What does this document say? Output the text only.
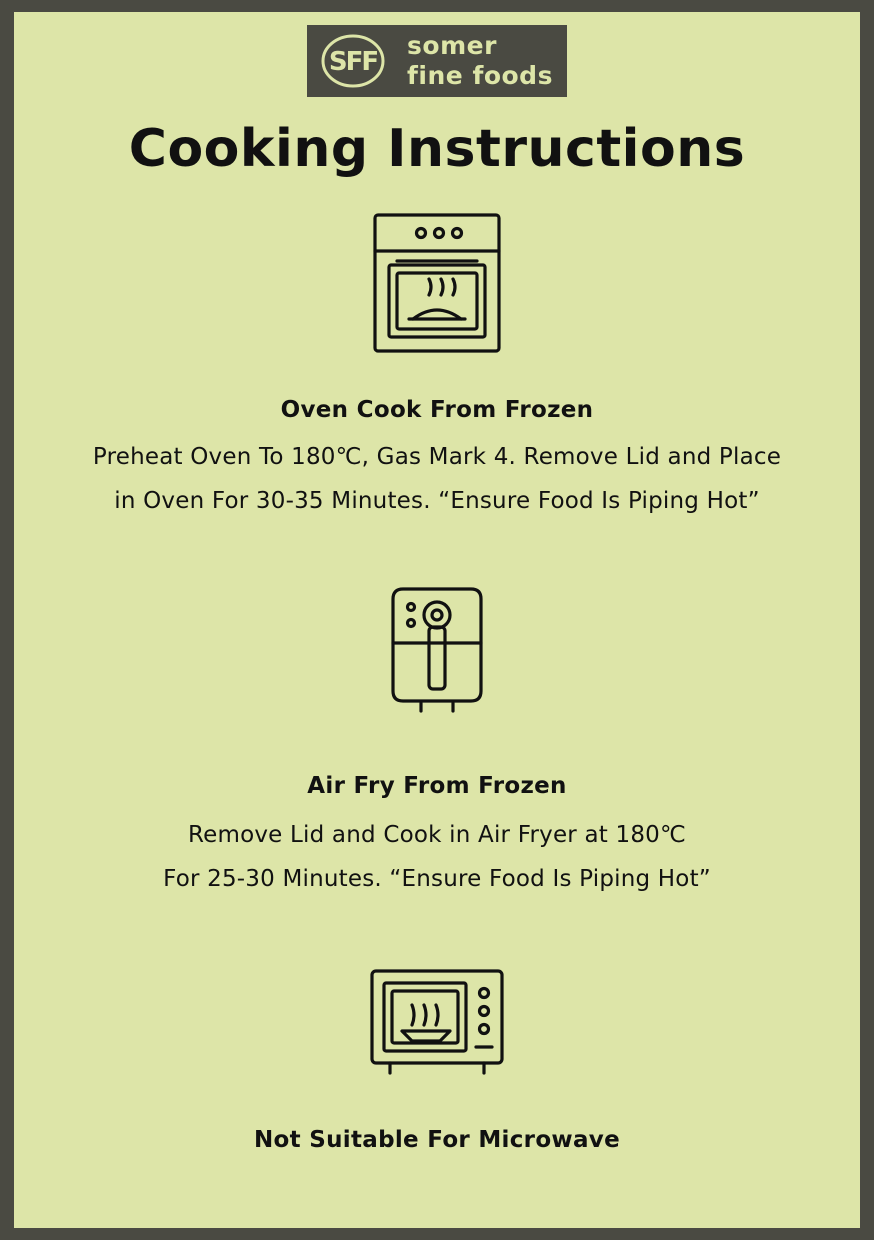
SFF
somer
fine foods
Cooking Instructions
Oven Cook From Frozen
Preheat Oven To 180℃, Gas Mark 4. Remove Lid and Place
in Oven For 30-35 Minutes. “Ensure Food Is Piping Hot”
Air Fry From Frozen
Remove Lid and Cook in Air Fryer at 180℃
For 25-30 Minutes. “Ensure Food Is Piping Hot”
Not Suitable For Microwave
